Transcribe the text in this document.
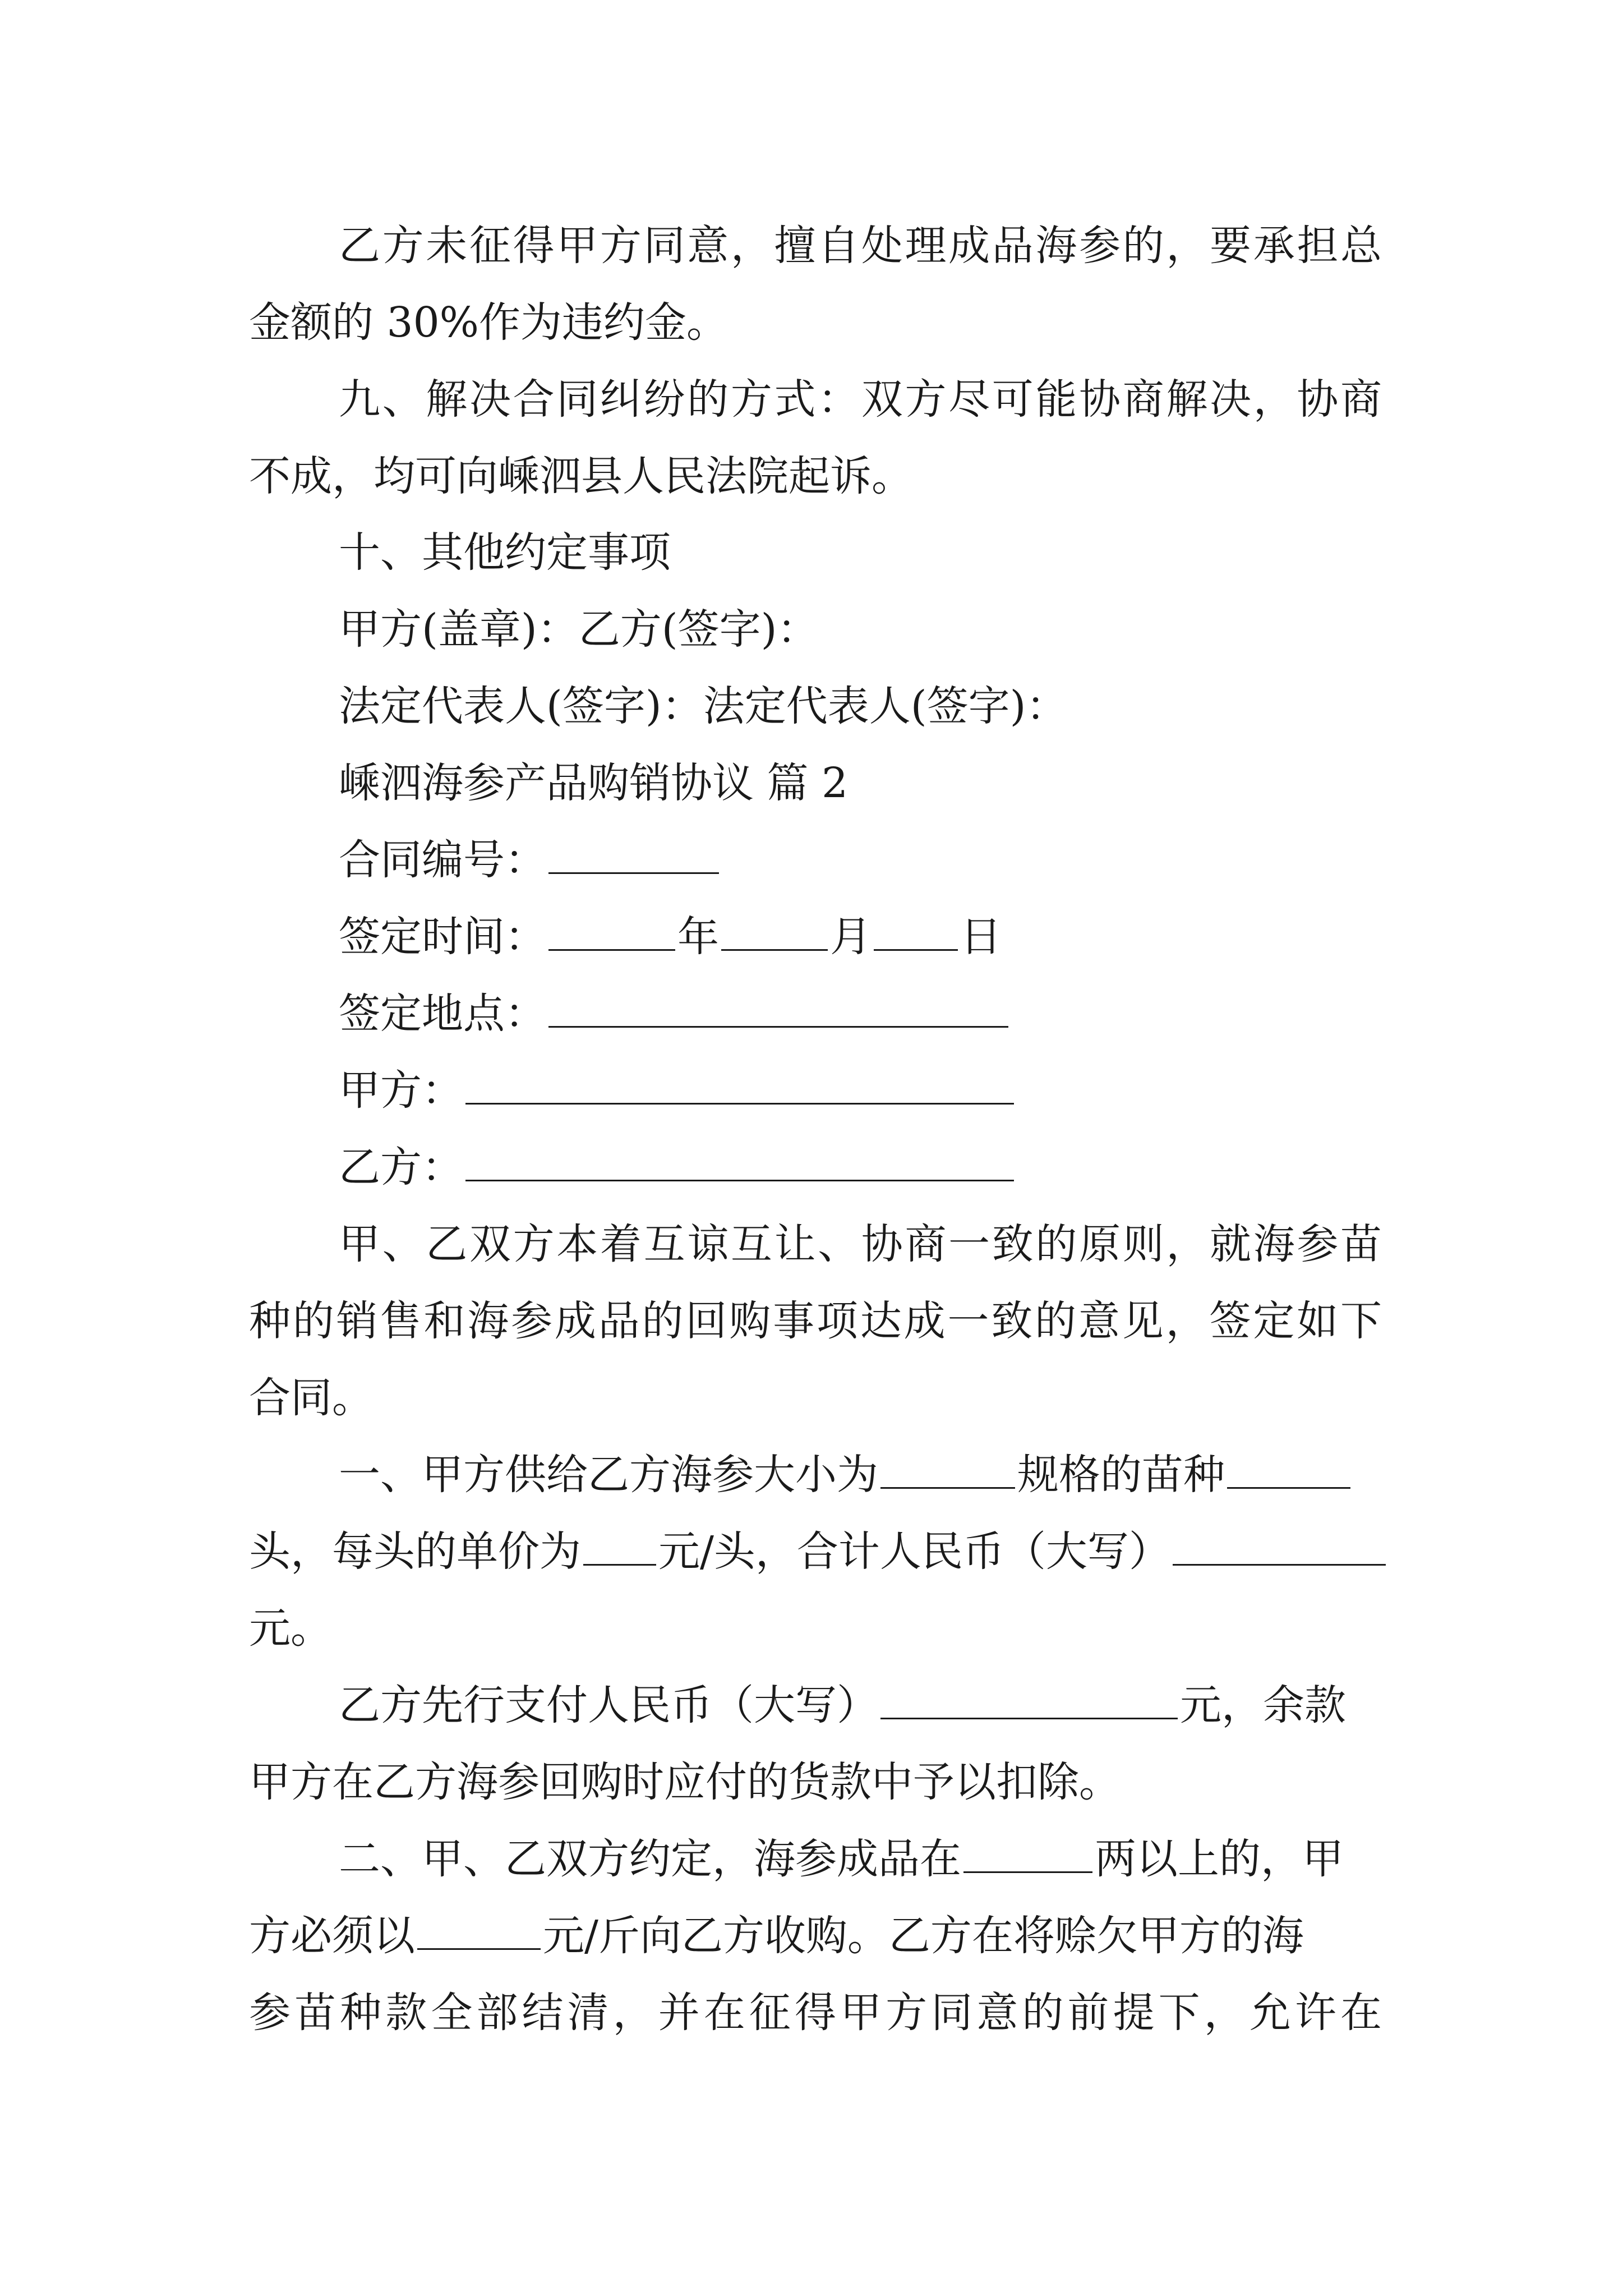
乙方未征得甲方同意，擅自处理成品海参的，要承担总
金额的 30%作为违约金。
九、解决合同纠纷的方式：双方尽可能协商解决，协商
不成，均可向嵊泗县人民法院起诉。
十、其他约定事项
甲方(盖章)：乙方(签字)：
法定代表人(签字)：法定代表人(签字)：
嵊泗海参产品购销协议 篇 2
合同编号：
签定时间：	年	月 日
签定地点：
甲方：
乙方：
甲、乙双方本着互谅互让、协商一致的原则，就海参苗
种的销售和海参成品的回购事项达成一致的意见，签定如下
合同。
一、甲方供给乙方海参大小为	规格的苗种
头，每头的单价为 元/头，合计人民币（大写）
元。
乙方先行支付人民币（大写）	元，余款
甲方在乙方海参回购时应付的货款中予以扣除。
二、甲、乙双方约定，海参成品在	两以上的，甲
方必须以	元/斤向乙方收购。乙方在将赊欠甲方的海
参苗种款全部结清，并在征得甲方同意的前提下，允许在
